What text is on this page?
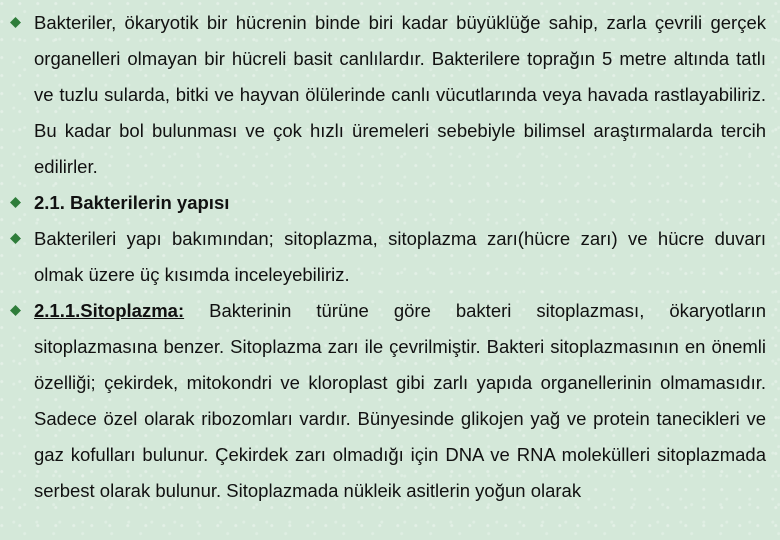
Bakteriler, ökaryotik bir hücrenin binde biri kadar büyüklüğe sahip, zarla çevrili gerçek organelleri olmayan bir hücreli basit canlılardır. Bakterilere toprağın 5 metre altında tatlı ve tuzlu sularda, bitki ve hayvan ölülerinde canlı vücutlarında veya havada rastlayabiliriz. Bu kadar bol bulunması ve çok hızlı üremeleri sebebiyle bilimsel araştırmalarda tercih edilirler.
2.1. Bakterilerin yapısı
Bakterileri yapı bakımından; sitoplazma, sitoplazma zarı(hücre zarı) ve hücre duvarı olmak üzere üç kısımda inceleyebiliriz.
2.1.1.Sitoplazma: Bakterinin türüne göre bakteri sitoplazması, ökaryotların sitoplazmasına benzer. Sitoplazma zarı ile çevrilmiştir. Bakteri sitoplazmasının en önemli özelliği; çekirdek, mitokondri ve kloroplast gibi zarlı yapıda organellerinin olmamasıdır. Sadece özel olarak ribozomları vardır. Bünyesinde glikojen yağ ve protein tanecikleri ve gaz kofulları bulunur. Çekirdek zarı olmadığı için DNA ve RNA molekülleri sitoplazmada serbest olarak bulunur. Sitoplazmada nükleik asitlerin yoğun olarak
